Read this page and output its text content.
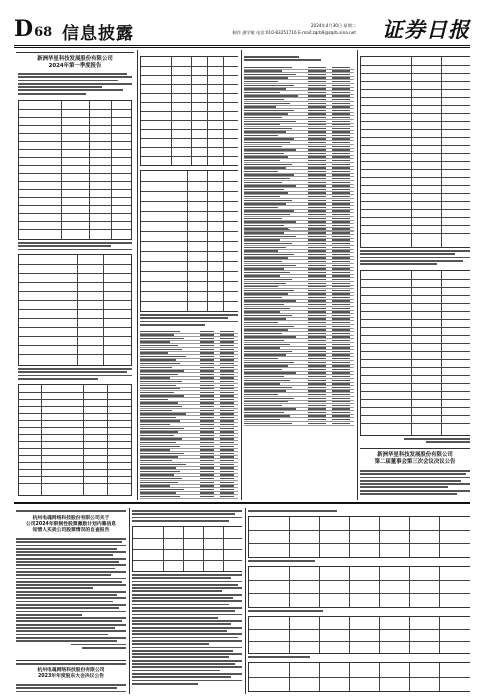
D68 信息披露	2024年4月30日 星期二
制作 潘学敏 电话:010-83251716 E-mail:zqrb9@zqrb.sina.net 证券日报
新洲华星科技发展股份有限公司
2024年第一季度报告
新洲华星科技发展股份有限公司
第二届董事会第三次会议决议公告
杭州电魂网络科技股份有限公司关于
公司2024年限制性股票激励计划内幕信息
知情人买卖公司股票情况的自查报告
杭州电魂网络科技股份有限公司
2023年年度股东大会决议公告
